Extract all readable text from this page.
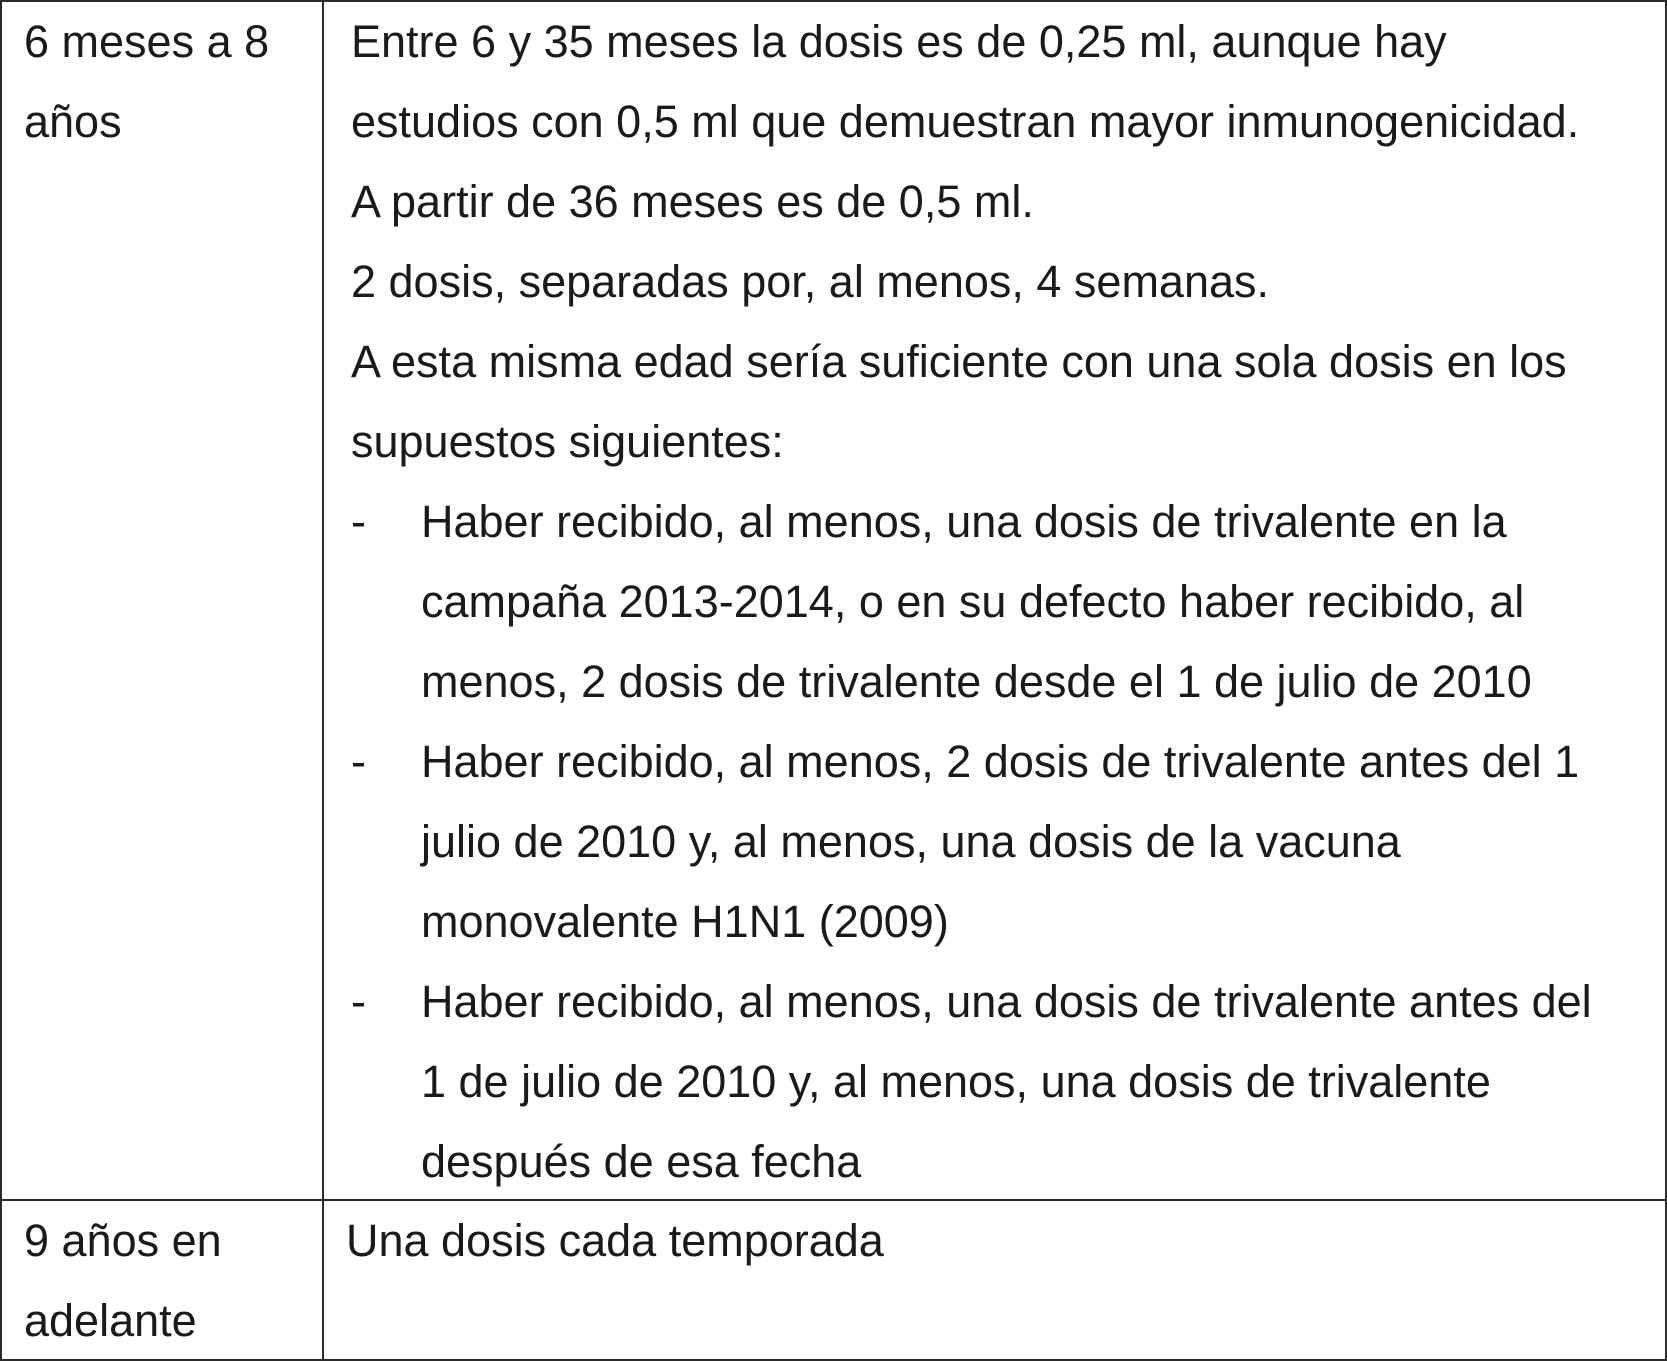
6 meses a 8
años
Entre 6 y 35 meses la dosis es de 0,25 ml, aunque hay
estudios con 0,5 ml que demuestran mayor inmunogenicidad.
A partir de 36 meses es de 0,5 ml.
2 dosis, separadas por, al menos, 4 semanas.
A esta misma edad sería suficiente con una sola dosis en los
supuestos siguientes:
- Haber recibido, al menos, una dosis de trivalente en la
campaña 2013-2014, o en su defecto haber recibido, al
menos, 2 dosis de trivalente desde el 1 de julio de 2010
- Haber recibido, al menos, 2 dosis de trivalente antes del 1
julio de 2010 y, al menos, una dosis de la vacuna
monovalente H1N1 (2009)
- Haber recibido, al menos, una dosis de trivalente antes del
1 de julio de 2010 y, al menos, una dosis de trivalente
después de esa fecha
9 años en
adelante
Una dosis cada temporada
